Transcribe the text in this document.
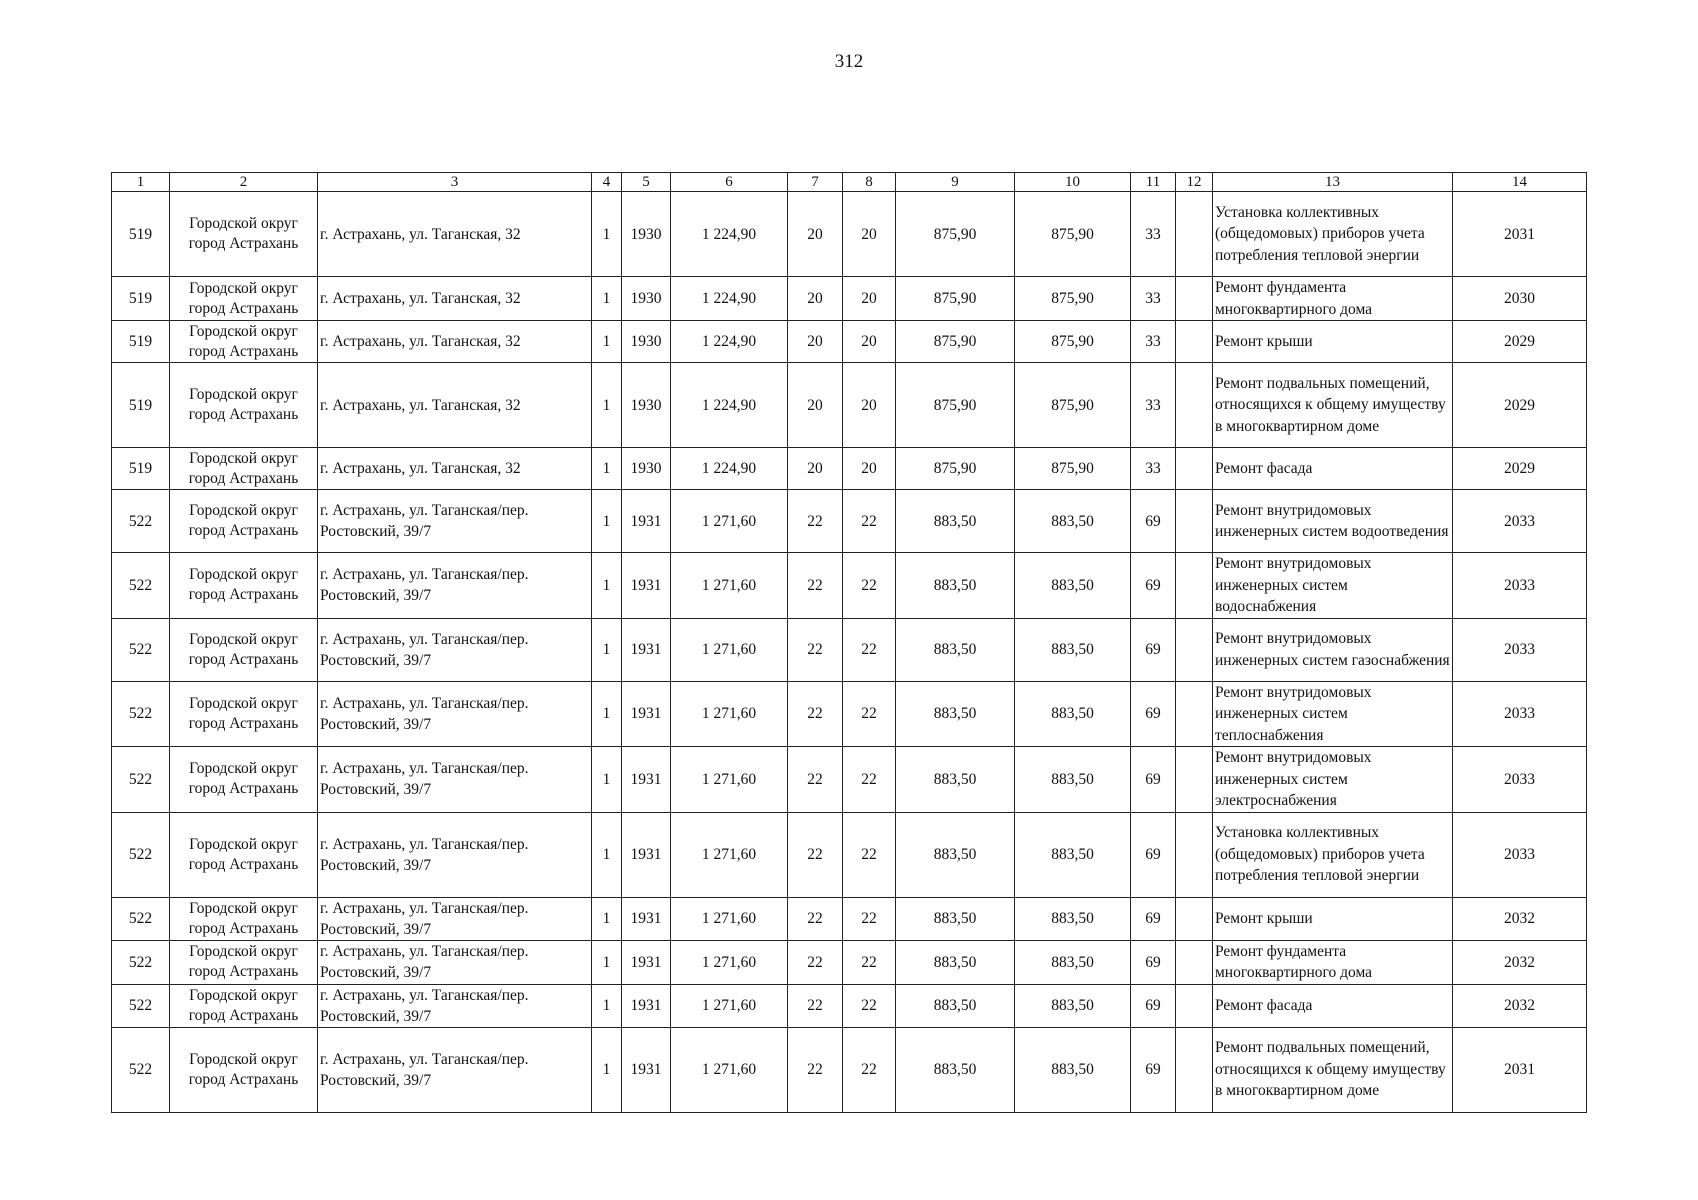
312
1	2	3	4	5	6	7	8	9	10	11	12	13	14
519	Городской округ город Астрахань	г. Астрахань, ул. Таганская, 32	1	1930	1 224,90	20	20	875,90	875,90	33		Установка коллективных (общедомовых) приборов учета потребления тепловой энергии	2031
519	Городской округ город Астрахань	г. Астрахань, ул. Таганская, 32	1	1930	1 224,90	20	20	875,90	875,90	33		Ремонт фундамента многоквартирного дома	2030
519	Городской округ город Астрахань	г. Астрахань, ул. Таганская, 32	1	1930	1 224,90	20	20	875,90	875,90	33		Ремонт крыши	2029
519	Городской округ город Астрахань	г. Астрахань, ул. Таганская, 32	1	1930	1 224,90	20	20	875,90	875,90	33		Ремонт подвальных помещений, относящихся к общему имуществу в многоквартирном доме	2029
519	Городской округ город Астрахань	г. Астрахань, ул. Таганская, 32	1	1930	1 224,90	20	20	875,90	875,90	33		Ремонт фасада	2029
522	Городской округ город Астрахань	г. Астрахань, ул. Таганская/пер. Ростовский, 39/7	1	1931	1 271,60	22	22	883,50	883,50	69		Ремонт внутридомовых инженерных систем водоотведения	2033
522	Городской округ город Астрахань	г. Астрахань, ул. Таганская/пер. Ростовский, 39/7	1	1931	1 271,60	22	22	883,50	883,50	69		Ремонт внутридомовых инженерных систем водоснабжения	2033
522	Городской округ город Астрахань	г. Астрахань, ул. Таганская/пер. Ростовский, 39/7	1	1931	1 271,60	22	22	883,50	883,50	69		Ремонт внутридомовых инженерных систем газоснабжения	2033
522	Городской округ город Астрахань	г. Астрахань, ул. Таганская/пер. Ростовский, 39/7	1	1931	1 271,60	22	22	883,50	883,50	69		Ремонт внутридомовых инженерных систем теплоснабжения	2033
522	Городской округ город Астрахань	г. Астрахань, ул. Таганская/пер. Ростовский, 39/7	1	1931	1 271,60	22	22	883,50	883,50	69		Ремонт внутридомовых инженерных систем электроснабжения	2033
522	Городской округ город Астрахань	г. Астрахань, ул. Таганская/пер. Ростовский, 39/7	1	1931	1 271,60	22	22	883,50	883,50	69		Установка коллективных (общедомовых) приборов учета потребления тепловой энергии	2033
522	Городской округ город Астрахань	г. Астрахань, ул. Таганская/пер. Ростовский, 39/7	1	1931	1 271,60	22	22	883,50	883,50	69		Ремонт крыши	2032
522	Городской округ город Астрахань	г. Астрахань, ул. Таганская/пер. Ростовский, 39/7	1	1931	1 271,60	22	22	883,50	883,50	69		Ремонт фундамента многоквартирного дома	2032
522	Городской округ город Астрахань	г. Астрахань, ул. Таганская/пер. Ростовский, 39/7	1	1931	1 271,60	22	22	883,50	883,50	69		Ремонт фасада	2032
522	Городской округ город Астрахань	г. Астрахань, ул. Таганская/пер. Ростовский, 39/7	1	1931	1 271,60	22	22	883,50	883,50	69		Ремонт подвальных помещений, относящихся к общему имуществу в многоквартирном доме	2031
